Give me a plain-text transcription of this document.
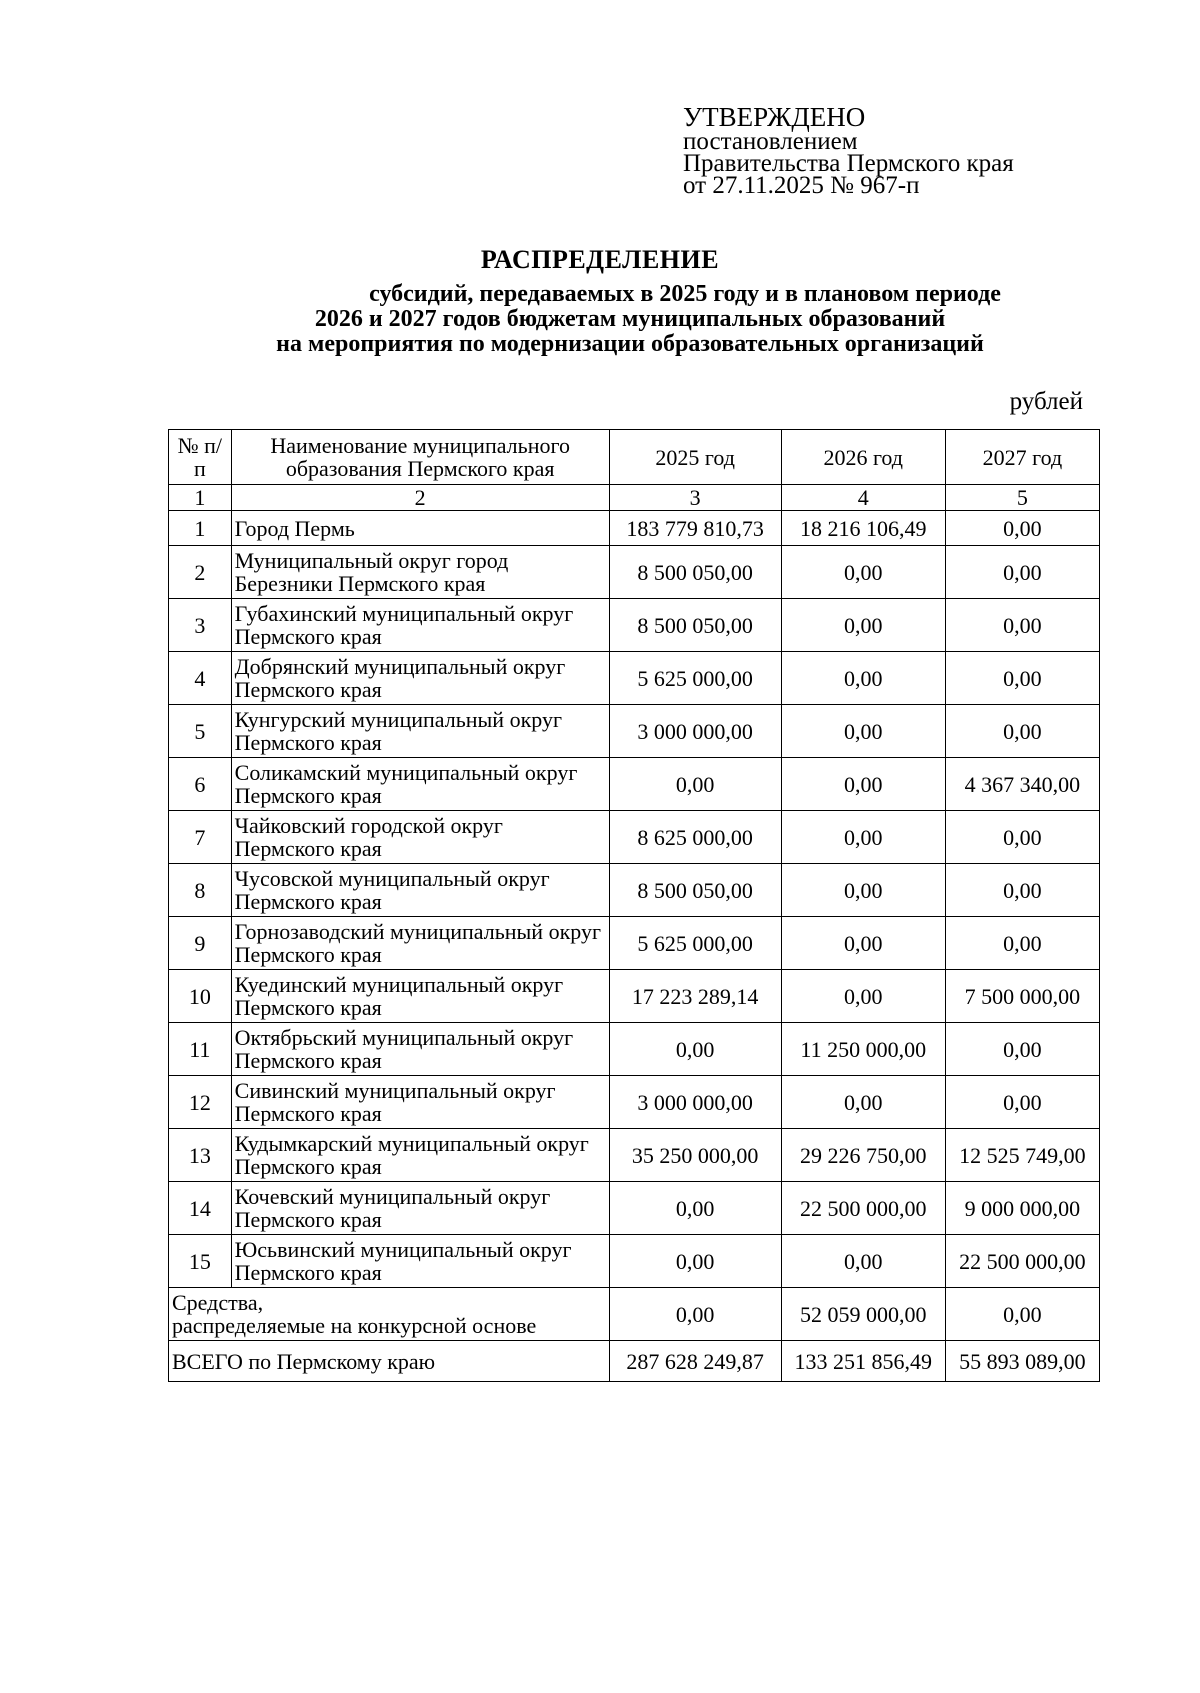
УТВЕРЖДЕНО
постановлением
Правительства Пермского края
от 27.11.2025 № 967-п
РАСПРЕДЕЛЕНИЕ
субсидий, передаваемых в 2025 году и в плановом периоде
2026 и 2027 годов бюджетам муниципальных образований
на мероприятия по модернизации образовательных организаций
рублей
№ п/п	Наименование муниципального образования Пермского края	2025 год	2026 год	2027 год
1	2	3	4	5
1	Город Пермь	183 779 810,73	18 216 106,49	0,00
2	Муниципальный округ город Березники Пермского края	8 500 050,00	0,00	0,00
3	Губахинский муниципальный округ Пермского края	8 500 050,00	0,00	0,00
4	Добрянский муниципальный округ Пермского края	5 625 000,00	0,00	0,00
5	Кунгурский муниципальный округ Пермского края	3 000 000,00	0,00	0,00
6	Соликамский муниципальный округ Пермского края	0,00	0,00	4 367 340,00
7	Чайковский городской округ Пермского края	8 625 000,00	0,00	0,00
8	Чусовской муниципальный округ Пермского края	8 500 050,00	0,00	0,00
9	Горнозаводский муниципальный округ Пермского края	5 625 000,00	0,00	0,00
10	Куединский муниципальный округ Пермского края	17 223 289,14	0,00	7 500 000,00
11	Октябрьский муниципальный округ Пермского края	0,00	11 250 000,00	0,00
12	Сивинский муниципальный округ Пермского края	3 000 000,00	0,00	0,00
13	Кудымкарский муниципальный округ Пермского края	35 250 000,00	29 226 750,00	12 525 749,00
14	Кочевский муниципальный округ Пермского края	0,00	22 500 000,00	9 000 000,00
15	Юсьвинский муниципальный округ Пермского края	0,00	0,00	22 500 000,00

Средства,
распределяемые на конкурсной основе		0,00	52 059 000,00	0,00
ВСЕГО по Пермскому краю		287 628 249,87	133 251 856,49	55 893 089,00
